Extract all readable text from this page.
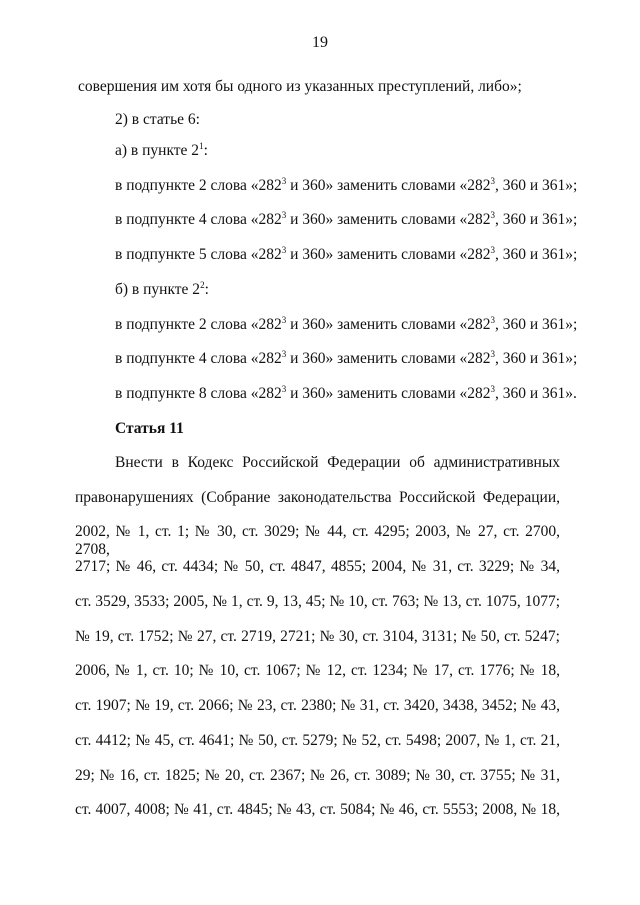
19
совершения им хотя бы одного из указанных преступлений, либо»;
2) в статье 6:
а) в пункте $2^1$:
в подпункте 2 слова «$282^3$ и 360» заменить словами «$282^3$, 360 и 361»;
в подпункте 4 слова «$282^3$ и 360» заменить словами «$282^3$, 360 и 361»;
в подпункте 5 слова «$282^3$ и 360» заменить словами «$282^3$, 360 и 361»;
б) в пункте $2^2$:
в подпункте 2 слова «$282^3$ и 360» заменить словами «$282^3$, 360 и 361»;
в подпункте 4 слова «$282^3$ и 360» заменить словами «$282^3$, 360 и 361»;
в подпункте 8 слова «$282^3$ и 360» заменить словами «$282^3$, 360 и 361».
Статья 11
Внести в Кодекс Российской Федерации об административных
правонарушениях (Собрание законодательства Российской Федерации,
2002, № 1, ст. 1; № 30, ст. 3029; № 44, ст. 4295; 2003, № 27, ст. 2700, 2708,
2717; № 46, ст. 4434; № 50, ст. 4847, 4855; 2004, № 31, ст. 3229; № 34,
ст. 3529, 3533; 2005, № 1, ст. 9, 13, 45; № 10, ст. 763; № 13, ст. 1075, 1077;
№ 19, ст. 1752; № 27, ст. 2719, 2721; № 30, ст. 3104, 3131; № 50, ст. 5247;
2006, № 1, ст. 10; № 10, ст. 1067; № 12, ст. 1234; № 17, ст. 1776; № 18,
ст. 1907; № 19, ст. 2066; № 23, ст. 2380; № 31, ст. 3420, 3438, 3452; № 43,
ст. 4412; № 45, ст. 4641; № 50, ст. 5279; № 52, ст. 5498; 2007, № 1, ст. 21,
29; № 16, ст. 1825; № 20, ст. 2367; № 26, ст. 3089; № 30, ст. 3755; № 31,
ст. 4007, 4008; № 41, ст. 4845; № 43, ст. 5084; № 46, ст. 5553; 2008, № 18,
